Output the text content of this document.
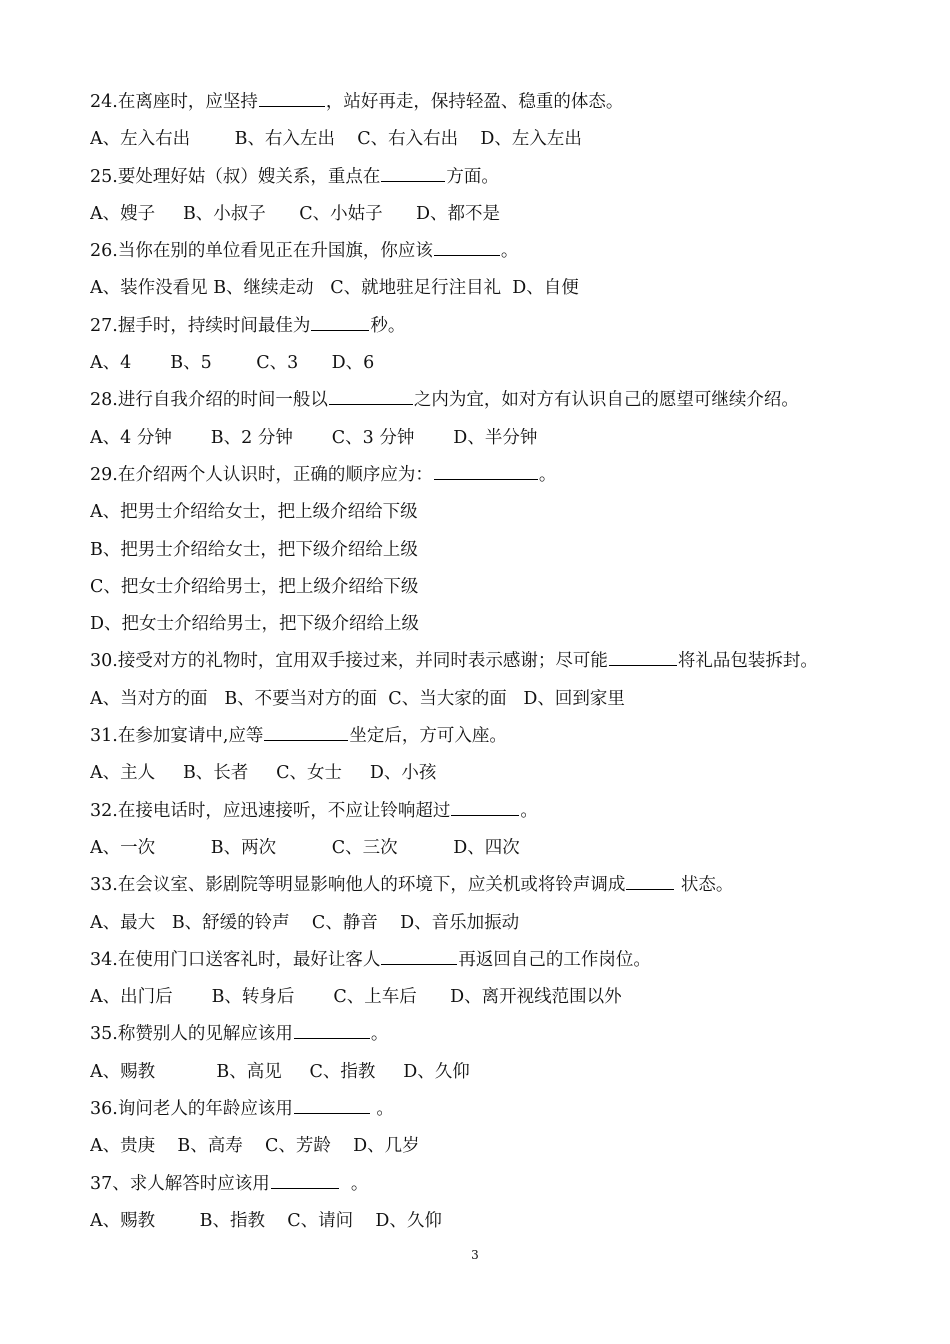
24.在离座时，应坚持	，站好再走，保持轻盈、稳重的体态。
A、左入右出        B、右入左出    C、右入右出    D、左入左出
25.要处理好姑（叔）嫂关系，重点在	方面。
A、嫂子     B、小叔子      C、小姑子      D、都不是
26.当你在别的单位看见正在升国旗，你应该	。
A、装作没看见 B、继续走动   C、就地驻足行注目礼  D、自便
27.握手时，持续时间最佳为	秒。
A、4       B、5        C、3      D、6
28.进行自我介绍的时间一般以	之内为宜，如对方有认识自己的愿望可继续介绍。
A、4 分钟       B、2 分钟       C、3 分钟       D、半分钟
29.在介绍两个人认识时，正确的顺序应为：	。
A、把男士介绍给女士，把上级介绍给下级
B、把男士介绍给女士，把下级介绍给上级
C、把女士介绍给男士，把上级介绍给下级
D、把女士介绍给男士，把下级介绍给上级
30.接受对方的礼物时，宜用双手接过来，并同时表示感谢；尽可能	将礼品包装拆封。
A、当对方的面   B、不要当对方的面  C、当大家的面   D、回到家里
31.在参加宴请中,应等	坐定后，方可入座。
A、主人     B、长者     C、女士     D、小孩
32.在接电话时，应迅速接听，不应让铃响超过	。
A、一次          B、两次          C、三次          D、四次
33.在会议室、影剧院等明显影响他人的环境下，应关机或将铃声调成	状态。
A、最大   B、舒缓的铃声    C、静音    D、音乐加振动
34.在使用门口送客礼时，最好让客人	再返回自己的工作岗位。
A、出门后       B、转身后       C、上车后      D、离开视线范围以外
35.称赞别人的见解应该用	。
A、赐教           B、高见     C、指教     D、久仰
36.询问老人的年龄应该用	。
A、贵庚    B、高寿    C、芳龄    D、几岁
37、求人解答时应该用	。
A、赐教        B、指教    C、请问    D、久仰
3
